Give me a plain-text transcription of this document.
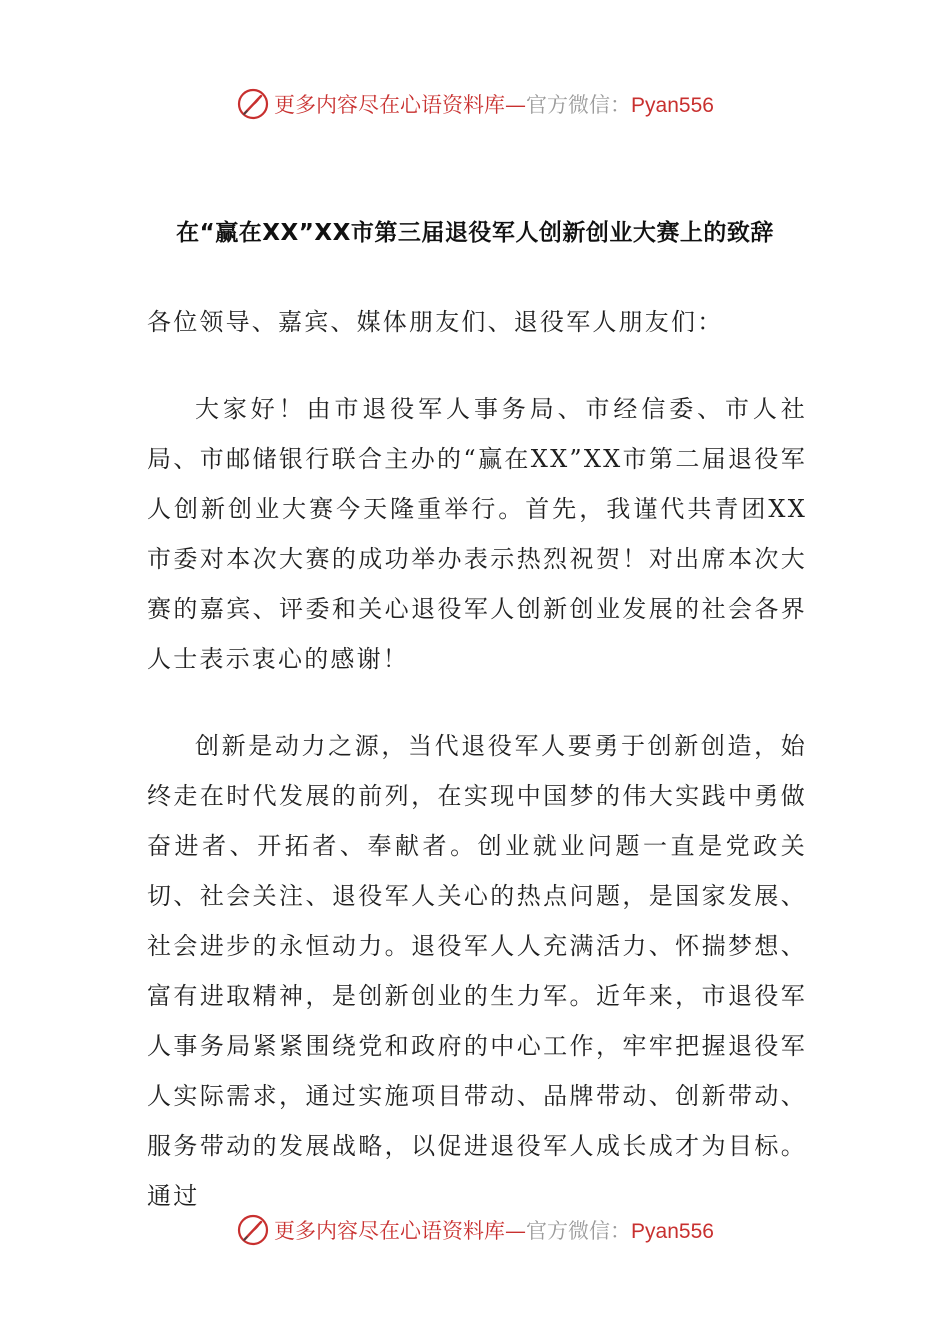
更多内容尽在心语资料库—官方微信：Pyan556
在“赢在XX”XX市第三届退役军人创新创业大赛上的致辞

各位领导、嘉宾、媒体朋友们、退役军人朋友们：

大家好！由市退役军人事务局、市经信委、市人社局、市邮储银行联合主办的“赢在XX”XX市第二届退役军人创新创业大赛今天隆重举行。首先，我谨代共青团XX市委对本次大赛的成功举办表示热烈祝贺！对出席本次大赛的嘉宾、评委和关心退役军人创新创业发展的社会各界人士表示衷心的感谢！

创新是动力之源，当代退役军人要勇于创新创造，始终走在时代发展的前列，在实现中国梦的伟大实践中勇做奋进者、开拓者、奉献者。创业就业问题一直是党政关切、社会关注、退役军人关心的热点问题，是国家发展、社会进步的永恒动力。退役军人人充满活力、怀揣梦想、富有进取精神，是创新创业的生力军。近年来，市退役军人事务局紧紧围绕党和政府的中心工作，牢牢把握退役军人实际需求，通过实施项目带动、品牌带动、创新带动、服务带动的发展战略，以促进退役军人成长成才为目标。通过

更多内容尽在心语资料库—官方微信：Pyan556
